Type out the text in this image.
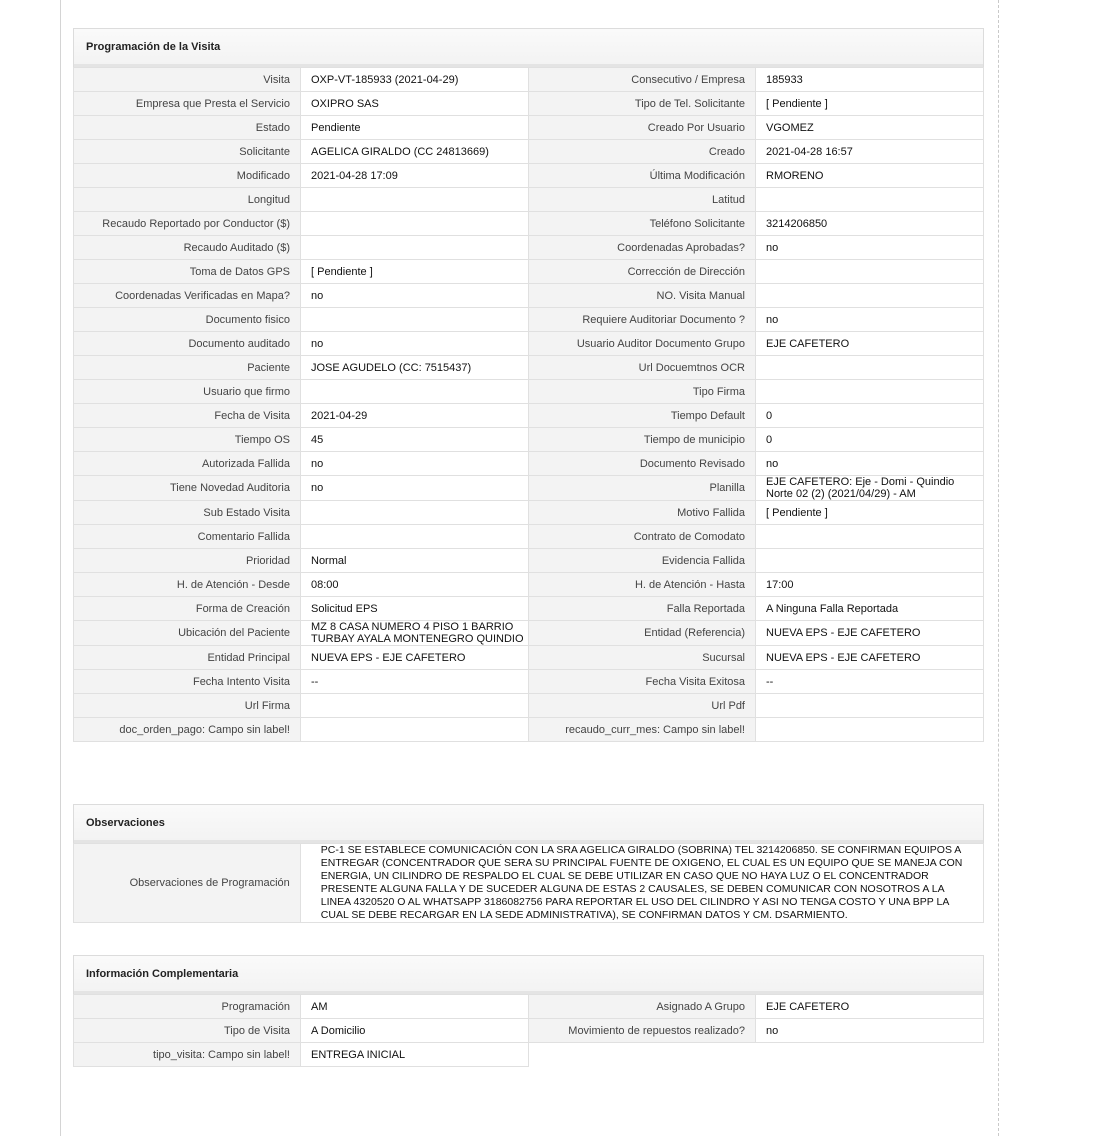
Programación de la Visita
Visita	OXP-VT-185933 (2021-04-29)	Consecutivo / Empresa	185933
Empresa que Presta el Servicio	OXIPRO SAS	Tipo de Tel. Solicitante	[ Pendiente ]
Estado	Pendiente	Creado Por Usuario	VGOMEZ
Solicitante	AGELICA GIRALDO (CC 24813669)	Creado	2021-04-28 16:57
Modificado	2021-04-28 17:09	Última Modificación	RMORENO
Longitud		Latitud	
Recaudo Reportado por Conductor ($)		Teléfono Solicitante	3214206850
Recaudo Auditado ($)		Coordenadas Aprobadas?	no
Toma de Datos GPS	[ Pendiente ]	Corrección de Dirección	
Coordenadas Verificadas en Mapa?	no	NO. Visita Manual	
Documento fisico		Requiere Auditoriar Documento ?	no
Documento auditado	no	Usuario Auditor Documento Grupo	EJE CAFETERO
Paciente	JOSE AGUDELO (CC: 7515437)	Url Docuemtnos OCR	
Usuario que firmo		Tipo Firma	
Fecha de Visita	2021-04-29	Tiempo Default	0
Tiempo OS	45	Tiempo de municipio	0
Autorizada Fallida	no	Documento Revisado	no
Tiene Novedad Auditoria	no	Planilla	EJE CAFETERO: Eje - Domi - Quindio Norte 02 (2) (2021/04/29) - AM
Sub Estado Visita		Motivo Fallida	[ Pendiente ]
Comentario Fallida		Contrato de Comodato	
Prioridad	Normal	Evidencia Fallida	
H. de Atención - Desde	08:00	H. de Atención - Hasta	17:00
Forma de Creación	Solicitud EPS	Falla Reportada	A Ninguna Falla Reportada
Ubicación del Paciente	MZ 8 CASA NUMERO 4 PISO 1 BARRIO TURBAY AYALA MONTENEGRO QUINDIO	Entidad (Referencia)	NUEVA EPS - EJE CAFETERO
Entidad Principal	NUEVA EPS - EJE CAFETERO	Sucursal	NUEVA EPS - EJE CAFETERO
Fecha Intento Visita	--	Fecha Visita Exitosa	--
Url Firma		Url Pdf	
doc_orden_pago: Campo sin label!		recaudo_curr_mes: Campo sin label!	
Observaciones
Observaciones de Programación	
PC-1 SE ESTABLECE COMUNICACIÓN CON LA SRA AGELICA GIRALDO (SOBRINA) TEL 3214206850. SE CONFIRMAN EQUIPOS A ENTREGAR (CONCENTRADOR QUE SERA SU PRINCIPAL FUENTE DE OXIGENO, EL CUAL ES UN EQUIPO QUE SE MANEJA CON ENERGIA, UN CILINDRO DE RESPALDO EL CUAL SE DEBE UTILIZAR EN CASO QUE NO HAYA LUZ O EL CONCENTRADOR PRESENTE ALGUNA FALLA Y DE SUCEDER ALGUNA DE ESTAS 2 CAUSALES, SE DEBEN COMUNICAR CON NOSOTROS A LA LINEA 4320520 O AL WHATSAPP 3186082756 PARA REPORTAR EL USO DEL CILINDRO Y ASI NO TENGA COSTO Y UNA BPP LA CUAL SE DEBE RECARGAR EN LA SEDE ADMINISTRATIVA), SE CONFIRMAN DATOS Y CM. DSARMIENTO.
Información Complementaria
Programación	AM	Asignado A Grupo	EJE CAFETERO
Tipo de Visita	A Domicilio	Movimiento de repuestos realizado?	no
tipo_visita: Campo sin label!	ENTREGA INICIAL		
